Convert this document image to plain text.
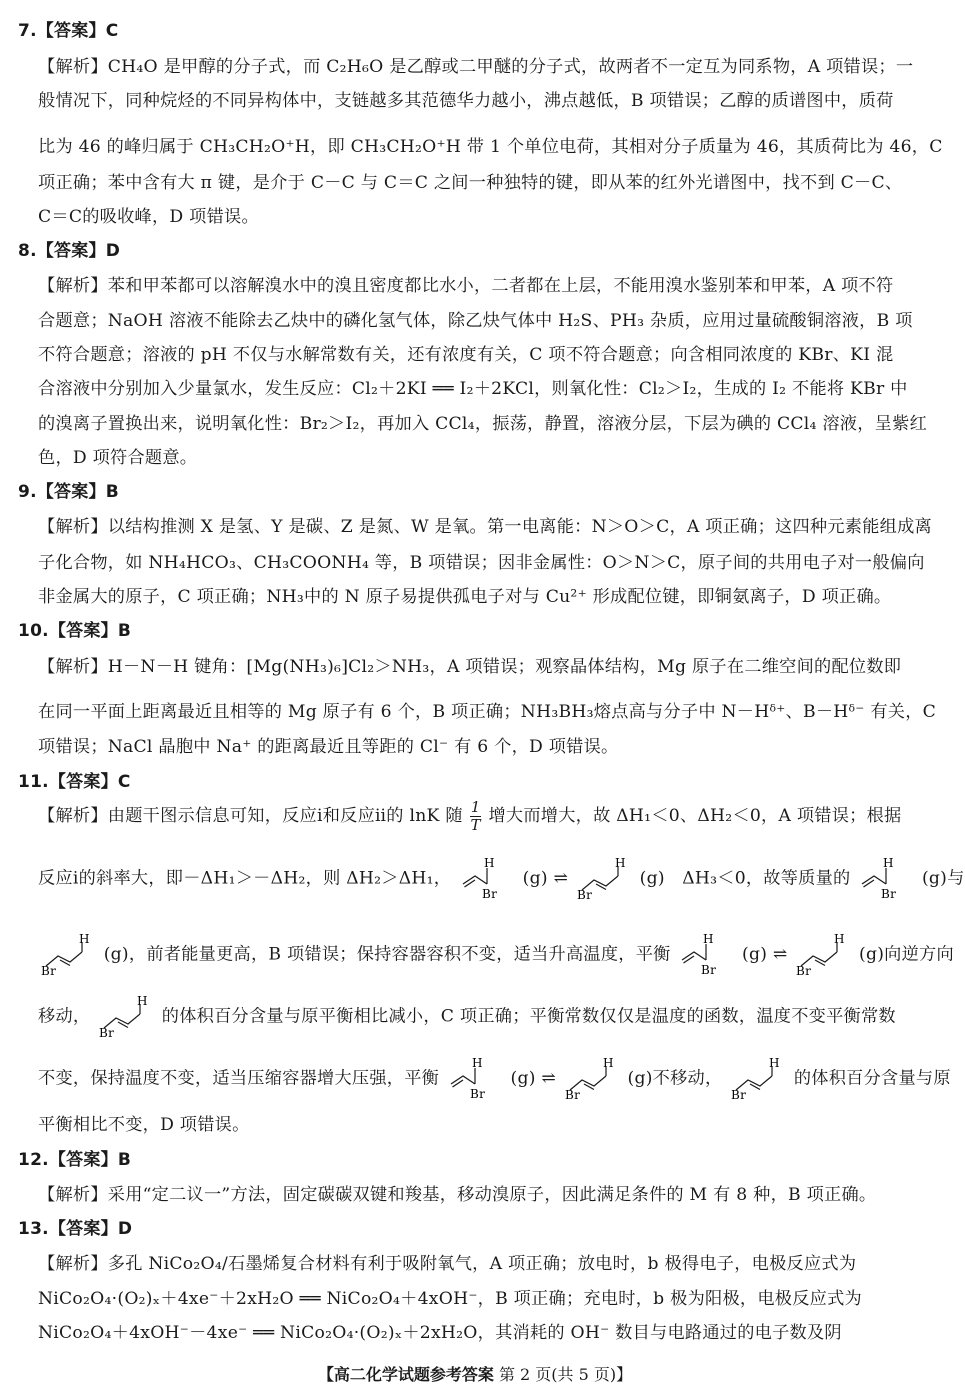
7.【答案】C
【解析】CH₄O 是甲醇的分子式，而 C₂H₆O 是乙醇或二甲醚的分子式，故两者不一定互为同系物，A 项错误；一
般情况下，同种烷烃的不同异构体中，支链越多其范德华力越小，沸点越低，B 项错误；乙醇的质谱图中，质荷
比为 46 的峰归属于 CH₃CH₂O⁺H，即 CH₃CH₂O⁺H 带 1 个单位电荷，其相对分子质量为 46，其质荷比为 46，C
项正确；苯中含有大 π 键，是介于 C－C 与 C＝C 之间一种独特的键，即从苯的红外光谱图中，找不到 C－C、
C＝C的吸收峰，D 项错误。
8.【答案】D
【解析】苯和甲苯都可以溶解溴水中的溴且密度都比水小，二者都在上层，不能用溴水鉴别苯和甲苯，A 项不符
合题意；NaOH 溶液不能除去乙炔中的磷化氢气体，除乙炔气体中 H₂S、PH₃ 杂质，应用过量硫酸铜溶液，B 项
不符合题意；溶液的 pH 不仅与水解常数有关，还有浓度有关，C 项不符合题意；向含相同浓度的 KBr、KI 混
合溶液中分别加入少量氯水，发生反应：Cl₂＋2KI ══ I₂＋2KCl，则氧化性：Cl₂＞I₂，生成的 I₂ 不能将 KBr 中
的溴离子置换出来，说明氧化性：Br₂＞I₂，再加入 CCl₄，振荡，静置，溶液分层，下层为碘的 CCl₄ 溶液，呈紫红
色，D 项符合题意。
9.【答案】B
【解析】以结构推测 X 是氢、Y 是碳、Z 是氮、W 是氧。第一电离能：N＞O＞C，A 项正确；这四种元素能组成离
子化合物，如 NH₄HCO₃、CH₃COONH₄ 等，B 项错误；因非金属性：O＞N＞C，原子间的共用电子对一般偏向
非金属大的原子，C 项正确；NH₃中的 N 原子易提供孤电子对与 Cu²⁺ 形成配位键，即铜氨离子，D 项正确。
10.【答案】B
【解析】H－N－H 键角：[Mg(NH₃)₆]Cl₂＞NH₃，A 项错误；观察晶体结构，Mg 原子在二维空间的配位数即
在同一平面上距离最近且相等的 Mg 原子有 6 个，B 项正确；NH₃BH₃熔点高与分子中 N－Hᵟ⁺、B－Hᵟ⁻ 有关，C
项错误；NaCl 晶胞中 Na⁺ 的距离最近且等距的 Cl⁻ 有 6 个，D 项错误。
11.【答案】C
【解析】由题干图示信息可知，反应ⅰ和反应ⅱ的 lnK 随 $\frac{1}{T}$ 增大而增大，故 ΔH₁＜0、ΔH₂＜0，A 项错误；根据
反应ⅰ的斜率大，即－ΔH₁＞－ΔH₂，则 ΔH₂＞ΔH₁，
H
Br
(g) ⇌
H
Br
(g)　ΔH₃＜0，故等质量的
H
Br
(g)与
H
Br
(g)，前者能量更高，B 项错误；保持容器容积不变，适当升高温度，平衡
H
Br
(g) ⇌
H
Br
(g)向逆方向
移动，
H
Br
的体积百分含量与原平衡相比减小，C 项正确；平衡常数仅仅是温度的函数，温度不变平衡常数
不变，保持温度不变，适当压缩容器增大压强，平衡
H
Br
(g) ⇌
H
Br
(g)不移动，
H
Br
的体积百分含量与原
平衡相比不变，D 项错误。
12.【答案】B
【解析】采用“定二议一”方法，固定碳碳双键和羧基，移动溴原子，因此满足条件的 M 有 8 种，B 项正确。
13.【答案】D
【解析】多孔 NiCo₂O₄/石墨烯复合材料有利于吸附氧气，A 项正确；放电时，b 极得电子，电极反应式为
NiCo₂O₄·(O₂)ₓ＋4xe⁻＋2xH₂O ══ NiCo₂O₄＋4xOH⁻，B 项正确；充电时，b 极为阳极，电极反应式为
NiCo₂O₄＋4xOH⁻－4xe⁻ ══ NiCo₂O₄·(O₂)ₓ＋2xH₂O，其消耗的 OH⁻ 数目与电路通过的电子数及阴
【高二化学试题参考答案 第 2 页(共 5 页)】
